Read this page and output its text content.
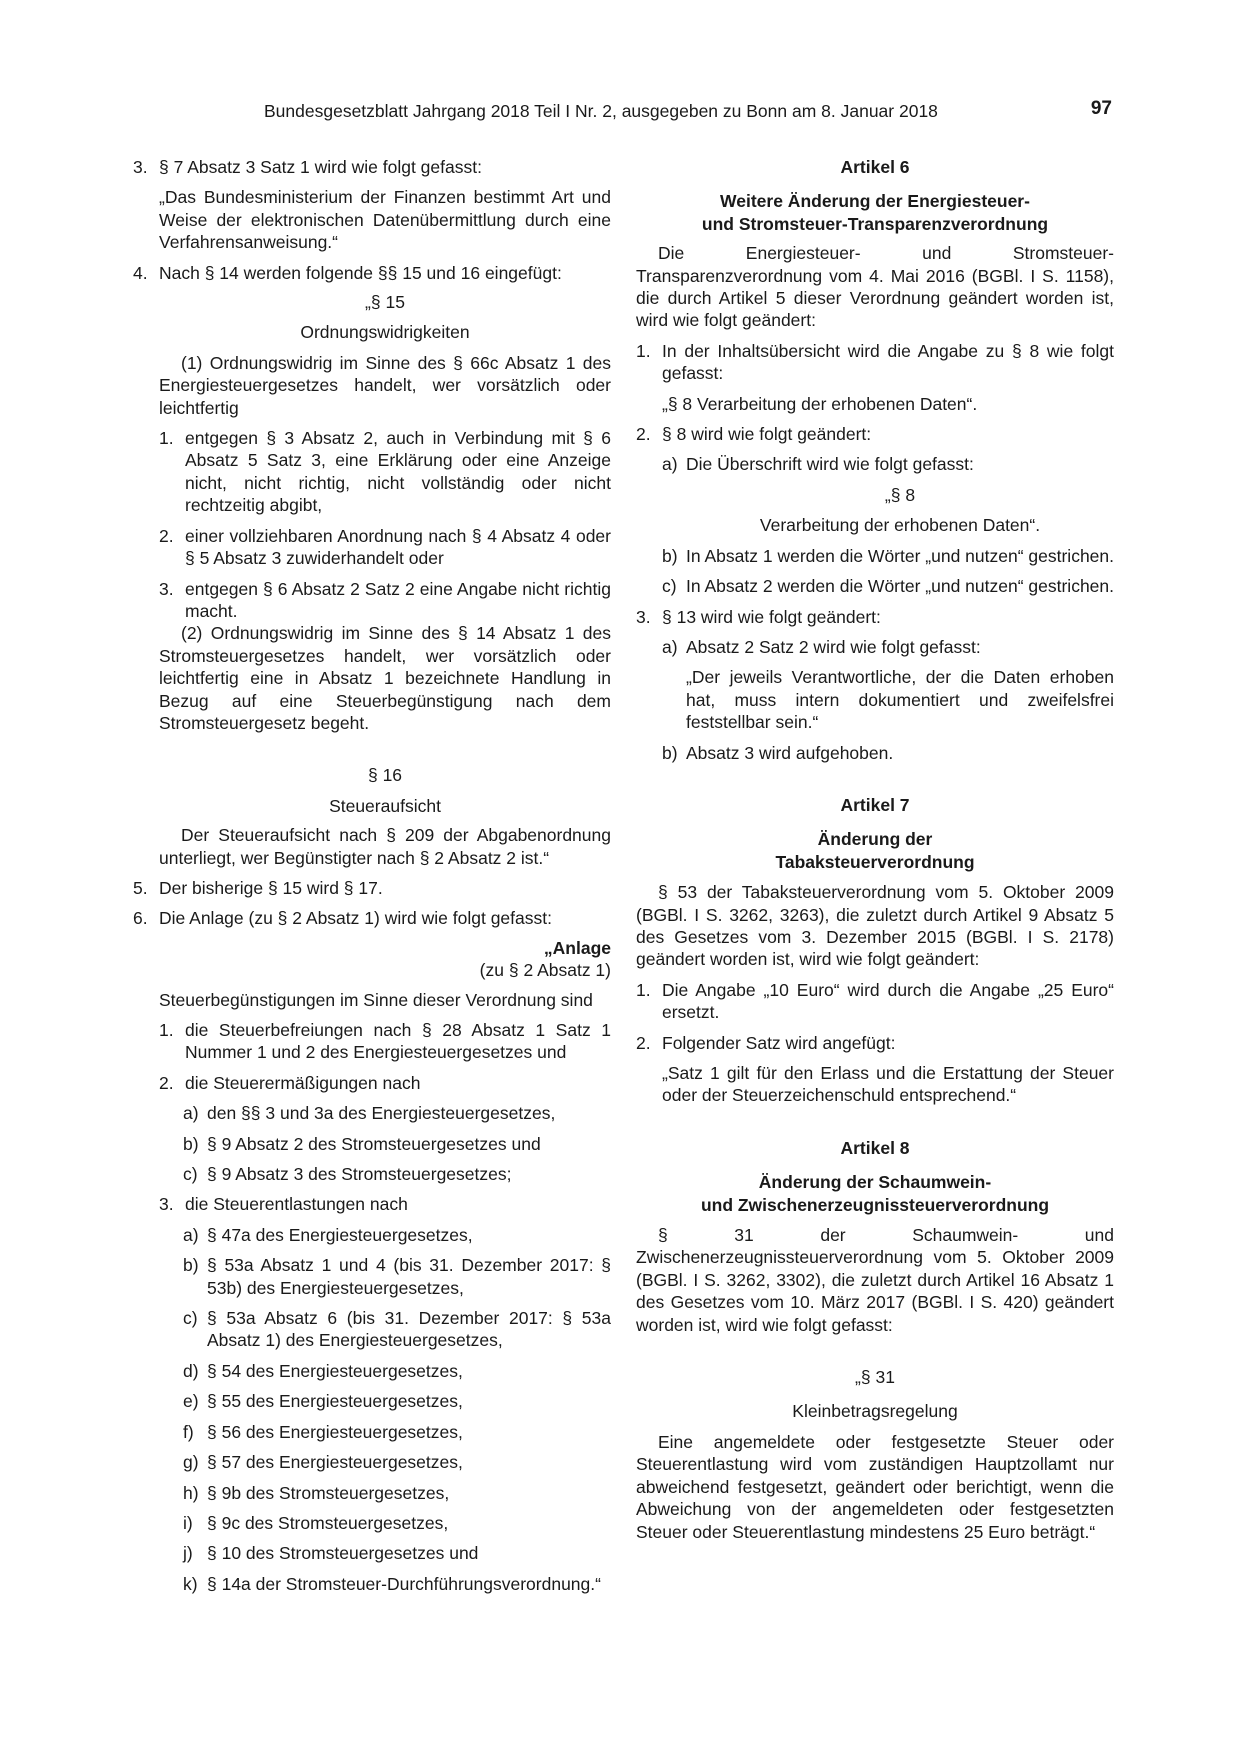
Bundesgesetzblatt Jahrgang 2018 Teil I Nr. 2, ausgegeben zu Bonn am 8. Januar 2018	97
3. § 7 Absatz 3 Satz 1 wird wie folgt gefasst:

„Das Bundesministerium der Finanzen bestimmt Art und Weise der elektronischen Datenübermittlung durch eine Verfahrensanweisung.“

4. Nach § 14 werden folgende §§ 15 und 16 eingefügt:

„§ 15

Ordnungswidrigkeiten

(1) Ordnungswidrig im Sinne des § 66c Absatz 1 des Energiesteuergesetzes handelt, wer vorsätzlich oder leichtfertig

1. entgegen § 3 Absatz 2, auch in Verbindung mit § 6 Absatz 5 Satz 3, eine Erklärung oder eine Anzeige nicht, nicht richtig, nicht vollständig oder nicht rechtzeitig abgibt,
2. einer vollziehbaren Anordnung nach § 4 Absatz 4 oder § 5 Absatz 3 zuwiderhandelt oder
3. entgegen § 6 Absatz 2 Satz 2 eine Angabe nicht richtig macht.

(2) Ordnungswidrig im Sinne des § 14 Absatz 1 des Stromsteuergesetzes handelt, wer vorsätzlich oder leichtfertig eine in Absatz 1 bezeichnete Handlung in Bezug auf eine Steuerbegünstigung nach dem Stromsteuergesetz begeht.

§ 16

Steueraufsicht

Der Steueraufsicht nach § 209 der Abgabenordnung unterliegt, wer Begünstigter nach § 2 Absatz 2 ist.“

5. Der bisherige § 15 wird § 17.
6. Die Anlage (zu § 2 Absatz 1) wird wie folgt gefasst:

„Anlage

(zu § 2 Absatz 1)

Steuerbegünstigungen im Sinne dieser Verordnung sind

1. die Steuerbefreiungen nach § 28 Absatz 1 Satz 1 Nummer 1 und 2 des Energiesteuergesetzes und
2. die Steuerermäßigungen nach
a) den §§ 3 und 3a des Energiesteuergesetzes,
b) § 9 Absatz 2 des Stromsteuergesetzes und
c) § 9 Absatz 3 des Stromsteuergesetzes;
3. die Steuerentlastungen nach
a) § 47a des Energiesteuergesetzes,
b) § 53a Absatz 1 und 4 (bis 31. Dezember 2017: § 53b) des Energiesteuergesetzes,
c) § 53a Absatz 6 (bis 31. Dezember 2017: § 53a Absatz 1) des Energiesteuergesetzes,
d) § 54 des Energiesteuergesetzes,
e) § 55 des Energiesteuergesetzes,
f) § 56 des Energiesteuergesetzes,
g) § 57 des Energiesteuergesetzes,
h) § 9b des Stromsteuergesetzes,
i) § 9c des Stromsteuergesetzes,
j) § 10 des Stromsteuergesetzes und
k) § 14a der Stromsteuer-Durchführungsverordnung.“

Artikel 6

Weitere Änderung der Energiesteuer-

und Stromsteuer-Transparenzverordnung

Die Energiesteuer- und Stromsteuer-Transparenzverordnung vom 4. Mai 2016 (BGBl. I S. 1158), die durch Artikel 5 dieser Verordnung geändert worden ist, wird wie folgt geändert:

1. In der Inhaltsübersicht wird die Angabe zu § 8 wie folgt gefasst:

„§ 8 Verarbeitung der erhobenen Daten“.

2. § 8 wird wie folgt geändert:
a) Die Überschrift wird wie folgt gefasst:

„§ 8

Verarbeitung der erhobenen Daten“.

b) In Absatz 1 werden die Wörter „und nutzen“ gestrichen.
c) In Absatz 2 werden die Wörter „und nutzen“ gestrichen.
3. § 13 wird wie folgt geändert:
a) Absatz 2 Satz 2 wird wie folgt gefasst:

„Der jeweils Verantwortliche, der die Daten erhoben hat, muss intern dokumentiert und zweifelsfrei feststellbar sein.“

b) Absatz 3 wird aufgehoben.

Artikel 7

Änderung der

Tabaksteuerverordnung

§ 53 der Tabaksteuerverordnung vom 5. Oktober 2009 (BGBl. I S. 3262, 3263), die zuletzt durch Artikel 9 Absatz 5 des Gesetzes vom 3. Dezember 2015 (BGBl. I S. 2178) geändert worden ist, wird wie folgt geändert:

1. Die Angabe „10 Euro“ wird durch die Angabe „25 Euro“ ersetzt.
2. Folgender Satz wird angefügt:

„Satz 1 gilt für den Erlass und die Erstattung der Steuer oder der Steuerzeichenschuld entsprechend.“

Artikel 8

Änderung der Schaumwein-

und Zwischenerzeugnissteuerverordnung

§ 31 der Schaumwein- und Zwischenerzeugnissteuerverordnung vom 5. Oktober 2009 (BGBl. I S. 3262, 3302), die zuletzt durch Artikel 16 Absatz 1 des Gesetzes vom 10. März 2017 (BGBl. I S. 420) geändert worden ist, wird wie folgt gefasst:

„§ 31

Kleinbetragsregelung

Eine angemeldete oder festgesetzte Steuer oder Steuerentlastung wird vom zuständigen Hauptzollamt nur abweichend festgesetzt, geändert oder berichtigt, wenn die Abweichung von der angemeldeten oder festgesetzten Steuer oder Steuerentlastung mindestens 25 Euro beträgt.“
